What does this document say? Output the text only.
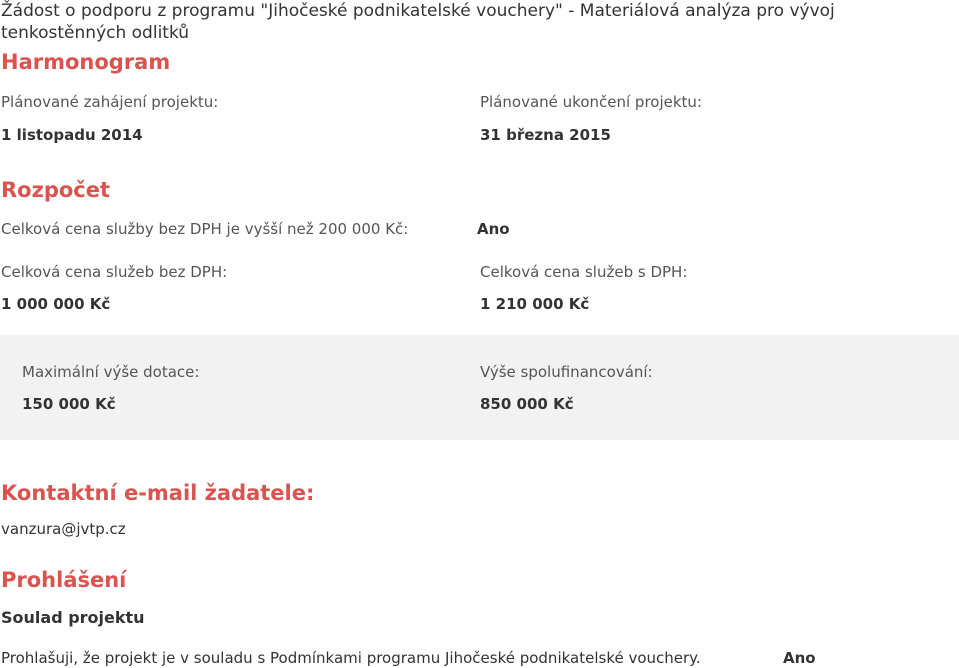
Žádost o podporu z programu "Jihočeské podnikatelské vouchery" - Materiálová analýza pro vývoj tenkostěnných odlitků
Harmonogram
Plánované zahájení projektu:
1 listopadu 2014
Plánované ukončení projektu:
31 března 2015
Rozpočet
Celková cena služby bez DPH je vyšší než 200 000 Kč:	Ano
Celková cena služeb bez DPH:
1 000 000 Kč
Celková cena služeb s DPH:
1 210 000 Kč
Maximální výše dotace:
150 000 Kč
Výše spolufinancování:
850 000 Kč
Kontaktní e-mail žadatele:
vanzura@jvtp.cz
Prohlášení
Soulad projektu
Prohlašuji, že projekt je v souladu s Podmínkami programu Jihočeské podnikatelské vouchery.	Ano
